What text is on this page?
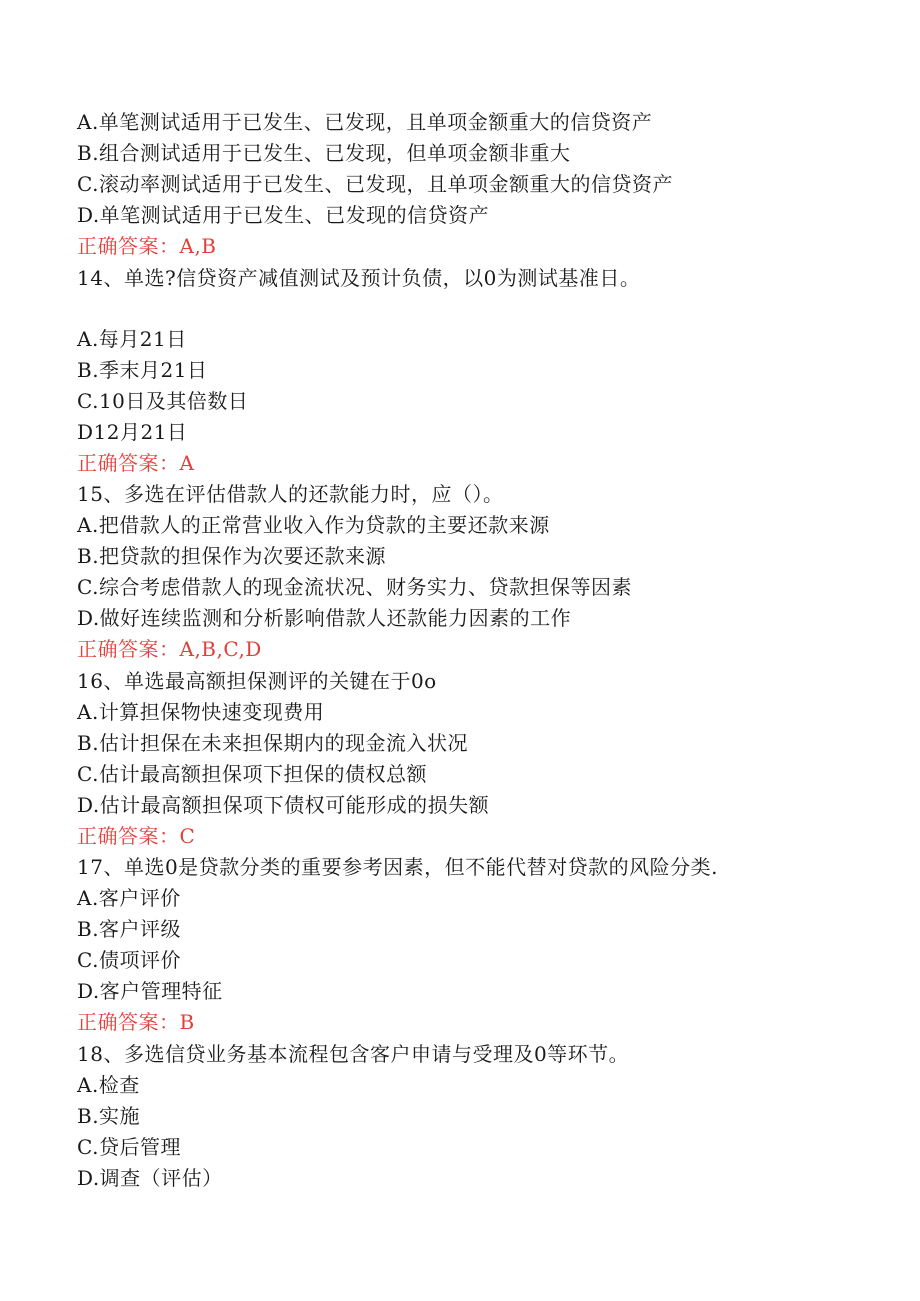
A.单笔测试适用于已发生、已发现，且单项金额重大的信贷资产
B.组合测试适用于已发生、已发现，但单项金额非重大
C.滚动率测试适用于已发生、已发现，且单项金额重大的信贷资产
D.单笔测试适用于已发生、已发现的信贷资产
正确答案：A,B
14、单选?信贷资产减值测试及预计负债，以0为测试基准日。
A.每月21日
B.季末月21日
C.10日及其倍数日
D12月21日
正确答案：A
15、多选在评估借款人的还款能力时，应（）。
A.把借款人的正常营业收入作为贷款的主要还款来源
B.把贷款的担保作为次要还款来源
C.综合考虑借款人的现金流状况、财务实力、贷款担保等因素
D.做好连续监测和分析影响借款人还款能力因素的工作
正确答案：A,B,C,D
16、单选最高额担保测评的关键在于0o
A.计算担保物快速变现费用
B.估计担保在未来担保期内的现金流入状况
C.估计最高额担保项下担保的债权总额
D.估计最高额担保项下债权可能形成的损失额
正确答案：C
17、单选0是贷款分类的重要参考因素，但不能代替对贷款的风险分类.
A.客户评价
B.客户评级
C.债项评价
D.客户管理特征
正确答案：B
18、多选信贷业务基本流程包含客户申请与受理及0等环节。
A.检查
B.实施
C.贷后管理
D.调查（评估）
